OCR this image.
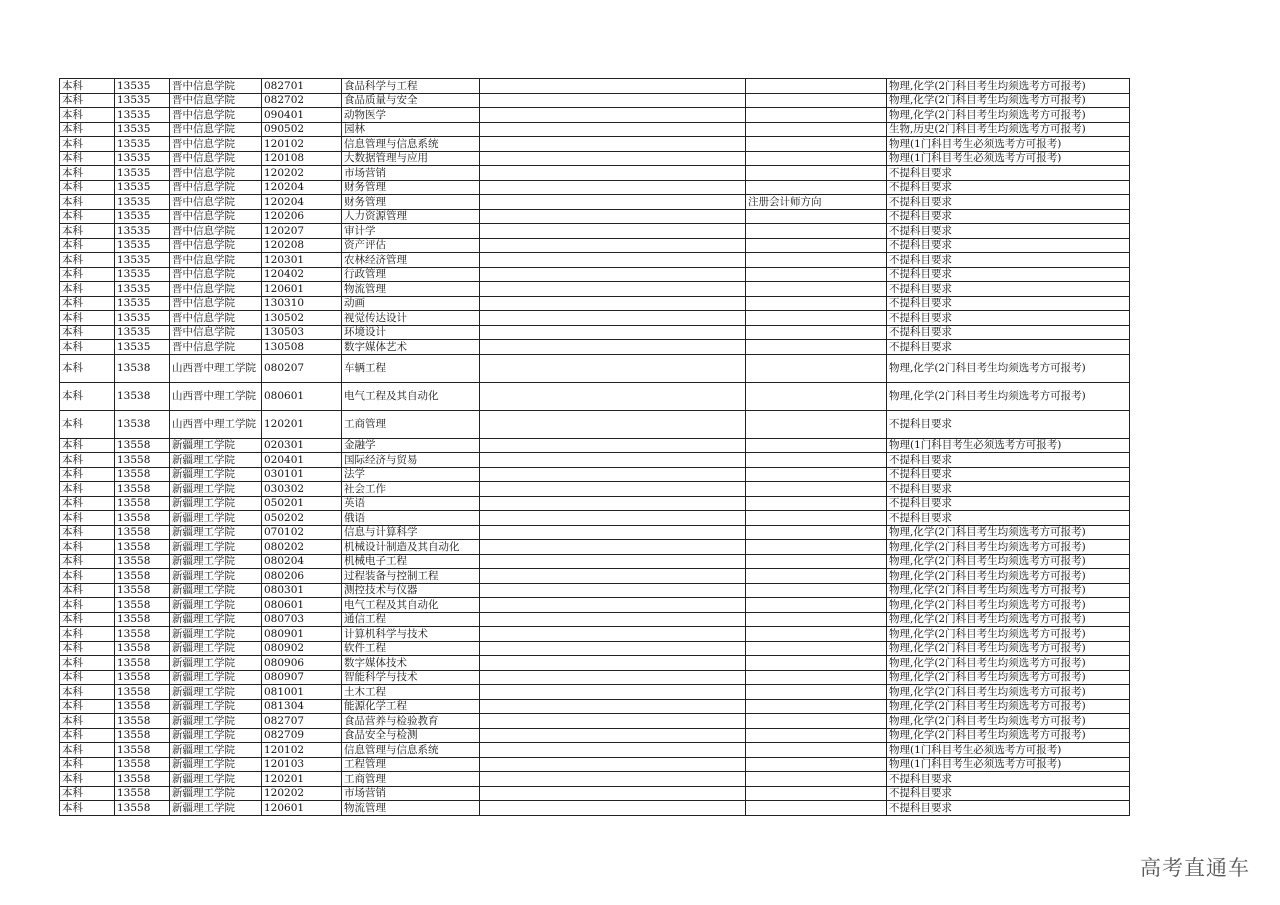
本科	13535	晋中信息学院	082701	食品科学与工程			物理,化学(2门科目考生均须选考方可报考)
本科	13535	晋中信息学院	082702	食品质量与安全			物理,化学(2门科目考生均须选考方可报考)
本科	13535	晋中信息学院	090401	动物医学			物理,化学(2门科目考生均须选考方可报考)
本科	13535	晋中信息学院	090502	园林			生物,历史(2门科目考生均须选考方可报考)
本科	13535	晋中信息学院	120102	信息管理与信息系统			物理(1门科目考生必须选考方可报考)
本科	13535	晋中信息学院	120108	大数据管理与应用			物理(1门科目考生必须选考方可报考)
本科	13535	晋中信息学院	120202	市场营销			不提科目要求
本科	13535	晋中信息学院	120204	财务管理			不提科目要求
本科	13535	晋中信息学院	120204	财务管理		注册会计师方向	不提科目要求
本科	13535	晋中信息学院	120206	人力资源管理			不提科目要求
本科	13535	晋中信息学院	120207	审计学			不提科目要求
本科	13535	晋中信息学院	120208	资产评估			不提科目要求
本科	13535	晋中信息学院	120301	农林经济管理			不提科目要求
本科	13535	晋中信息学院	120402	行政管理			不提科目要求
本科	13535	晋中信息学院	120601	物流管理			不提科目要求
本科	13535	晋中信息学院	130310	动画			不提科目要求
本科	13535	晋中信息学院	130502	视觉传达设计			不提科目要求
本科	13535	晋中信息学院	130503	环境设计			不提科目要求
本科	13535	晋中信息学院	130508	数字媒体艺术			不提科目要求
本科	13538	山西晋中理工学院	080207	车辆工程			物理,化学(2门科目考生均须选考方可报考)
本科	13538	山西晋中理工学院	080601	电气工程及其自动化			物理,化学(2门科目考生均须选考方可报考)
本科	13538	山西晋中理工学院	120201	工商管理			不提科目要求
本科	13558	新疆理工学院	020301	金融学			物理(1门科目考生必须选考方可报考)
本科	13558	新疆理工学院	020401	国际经济与贸易			不提科目要求
本科	13558	新疆理工学院	030101	法学			不提科目要求
本科	13558	新疆理工学院	030302	社会工作			不提科目要求
本科	13558	新疆理工学院	050201	英语			不提科目要求
本科	13558	新疆理工学院	050202	俄语			不提科目要求
本科	13558	新疆理工学院	070102	信息与计算科学			物理,化学(2门科目考生均须选考方可报考)
本科	13558	新疆理工学院	080202	机械设计制造及其自动化			物理,化学(2门科目考生均须选考方可报考)
本科	13558	新疆理工学院	080204	机械电子工程			物理,化学(2门科目考生均须选考方可报考)
本科	13558	新疆理工学院	080206	过程装备与控制工程			物理,化学(2门科目考生均须选考方可报考)
本科	13558	新疆理工学院	080301	测控技术与仪器			物理,化学(2门科目考生均须选考方可报考)
本科	13558	新疆理工学院	080601	电气工程及其自动化			物理,化学(2门科目考生均须选考方可报考)
本科	13558	新疆理工学院	080703	通信工程			物理,化学(2门科目考生均须选考方可报考)
本科	13558	新疆理工学院	080901	计算机科学与技术			物理,化学(2门科目考生均须选考方可报考)
本科	13558	新疆理工学院	080902	软件工程			物理,化学(2门科目考生均须选考方可报考)
本科	13558	新疆理工学院	080906	数字媒体技术			物理,化学(2门科目考生均须选考方可报考)
本科	13558	新疆理工学院	080907	智能科学与技术			物理,化学(2门科目考生均须选考方可报考)
本科	13558	新疆理工学院	081001	土木工程			物理,化学(2门科目考生均须选考方可报考)
本科	13558	新疆理工学院	081304	能源化学工程			物理,化学(2门科目考生均须选考方可报考)
本科	13558	新疆理工学院	082707	食品营养与检验教育			物理,化学(2门科目考生均须选考方可报考)
本科	13558	新疆理工学院	082709	食品安全与检测			物理,化学(2门科目考生均须选考方可报考)
本科	13558	新疆理工学院	120102	信息管理与信息系统			物理(1门科目考生必须选考方可报考)
本科	13558	新疆理工学院	120103	工程管理			物理(1门科目考生必须选考方可报考)
本科	13558	新疆理工学院	120201	工商管理			不提科目要求
本科	13558	新疆理工学院	120202	市场营销			不提科目要求
本科	13558	新疆理工学院	120601	物流管理			不提科目要求
高考直通车
